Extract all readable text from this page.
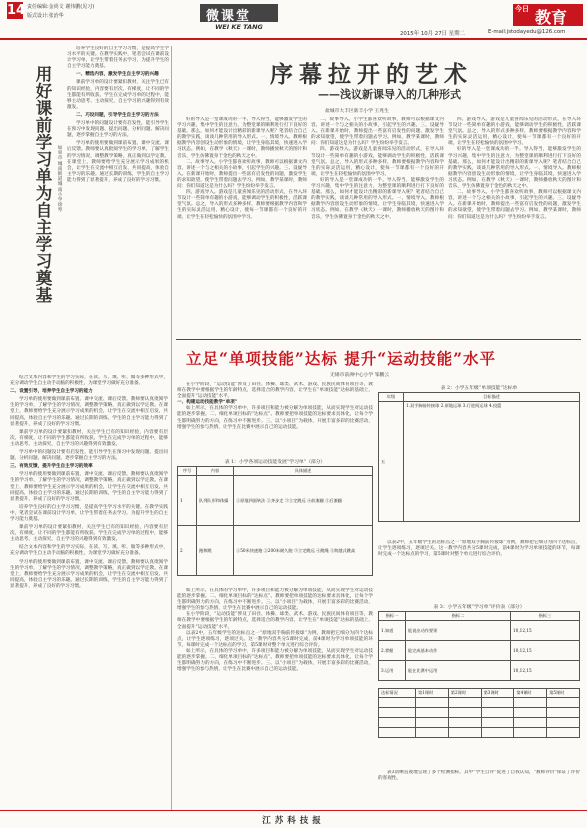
14 责任编辑:金尚文 谢伟鹏(见习)
版式设计:张治华	微课堂
WEI KE TANG
2015年 10月 27日 星期二
今日 教育
E-mail:jstodayedu@126.com
用好课前学习单 为自主学习奠基
如皋市城南街道城南小学 徐琴

培养学生良好的自主学习习惯，是提高学生学习水平的关键。在教学实践中，笔者尝试在课前设计学习单，让学生带着任务去学习，为提升学生的自主学习能力奠基。

一、精选内容，激发学生自主学习的兴趣

课前学习单的设计要紧扣教材，关注学生已有的知识经验，内容要有层次、有梯度，让不同的学生都能有所收获。学生在完成学习单的过程中，能够主动思考、主动探究，自主学习的兴趣得到有效激发。

二、巧设问题，引导学生自主学习的方法

学习单中的问题设计要有启发性，能引导学生在预习中发现问题、提出问题、分析问题、解决问题，逐步掌握自主学习的方法。

学习单的使用要做到课前布置、课中交流、课后反馈。教师要认真批阅学生的学习单，了解学生的学习情况，调整教学策略，真正做到以学定教。在课堂上，教师要给学生充分展示学习成果的机会，让学生在交流中相互启发、共同提高，体验自主学习的乐趣。通过长期的训练，学生的自主学习能力得到了显著提升，养成了良好的学习习惯。

结合文本内容和学生的学习实际，在读、写、填、听、做等多种形式中，充分调动学生自主动手动脑的积极性，为课堂学习做好充分准备。

二、设置引导，培养学生自主学习的能力

学习单的使用要做到课前布置、课中交流、课后反馈。教师要认真批阅学生的学习单，了解学生的学习情况，调整教学策略，真正做到以学定教。在课堂上，教师要给学生充分展示学习成果的机会，让学生在交流中相互启发、共同提高，体验自主学习的乐趣。通过长期的训练，学生的自主学习能力得到了显著提升，养成了良好的学习习惯。

课前学习单的设计要紧扣教材，关注学生已有的知识经验，内容要有层次、有梯度，让不同的学生都能有所收获。学生在完成学习单的过程中，能够主动思考、主动探究，自主学习的兴趣得到有效激发。

学习单中的问题设计要有启发性，能引导学生在预习中发现问题、提出问题、分析问题、解决问题，逐步掌握自主学习的方法。

三、有效反馈，提升学生自主学习的效率

学习单的使用要做到课前布置、课中交流、课后反馈。教师要认真批阅学生的学习单，了解学生的学习情况，调整教学策略，真正做到以学定教。在课堂上，教师要给学生充分展示学习成果的机会，让学生在交流中相互启发、共同提高，体验自主学习的乐趣。通过长期的训练，学生的自主学习能力得到了显著提升，养成了良好的学习习惯。

培养学生良好的自主学习习惯，是提高学生学习水平的关键。在教学实践中，笔者尝试在课前设计学习单，让学生带着任务去学习，为提升学生的自主学习能力奠基。

课前学习单的设计要紧扣教材，关注学生已有的知识经验，内容要有层次、有梯度，让不同的学生都能有所收获。学生在完成学习单的过程中，能够主动思考、主动探究，自主学习的兴趣得到有效激发。

结合文本内容和学生的学习实际，在读、写、填、听、做等多种形式中，充分调动学生自主动手动脑的积极性，为课堂学习做好充分准备。

学习单的使用要做到课前布置、课中交流、课后反馈。教师要认真批阅学生的学习单，了解学生的学习情况，调整教学策略，真正做到以学定教。在课堂上，教师要给学生充分展示学习成果的机会，让学生在交流中相互启发、共同提高，体验自主学习的乐趣。通过长期的训练，学生的自主学习能力得到了显著提升，养成了良好的学习习惯。

序幕拉开的艺术
——浅议新课导入的几种形式
盐城市大丰区新丰小学 王兆生

好的导入是一堂课成功的一半。导入得当，能够激发学生的学习兴趣，集中学生的注意力，为整堂课的顺利进行打下良好的基础。那么，如何才能设计出精彩的新课导入呢？笔者结合自己的教学实践，谈谈几种常用的导入形式。一、情境导入。教师根据教学内容创设生动形象的情境，让学生身临其境，快速进入学习状态。例如，在教学《秋天》一课时，教师播放秋天的图片和音乐，学生仿佛置身于金色的秋天之中。

二、故事导入。小学生都喜欢听故事，教师可以根据课文内容，讲述一个与之相关的小故事，引起学生的兴趣。三、设疑导入。在新课开始时，教师提出一些富有启发性的问题，激发学生的求知欲望，使学生带着问题去学习。例如，教学某课时，教师问：你们知道这是为什么吗？学生纷纷举手发言。

四、游戏导入。游戏是儿童喜闻乐见的活动形式，在导入环节设计一些简单有趣的小游戏，能够调动学生的积极性，活跃课堂气氛。总之，导入的形式多种多样，教师要根据教学内容和学生的实际灵活运用，精心设计，使每一节课都有一个良好的开端，让学生在轻松愉快的氛围中学习。

二、故事导入。小学生都喜欢听故事，教师可以根据课文内容，讲述一个与之相关的小故事，引起学生的兴趣。三、设疑导入。在新课开始时，教师提出一些富有启发性的问题，激发学生的求知欲望，使学生带着问题去学习。例如，教学某课时，教师问：你们知道这是为什么吗？学生纷纷举手发言。

四、游戏导入。游戏是儿童喜闻乐见的活动形式，在导入环节设计一些简单有趣的小游戏，能够调动学生的积极性，活跃课堂气氛。总之，导入的形式多种多样，教师要根据教学内容和学生的实际灵活运用，精心设计，使每一节课都有一个良好的开端，让学生在轻松愉快的氛围中学习。

好的导入是一堂课成功的一半。导入得当，能够激发学生的学习兴趣，集中学生的注意力，为整堂课的顺利进行打下良好的基础。那么，如何才能设计出精彩的新课导入呢？笔者结合自己的教学实践，谈谈几种常用的导入形式。一、情境导入。教师根据教学内容创设生动形象的情境，让学生身临其境，快速进入学习状态。例如，在教学《秋天》一课时，教师播放秋天的图片和音乐，学生仿佛置身于金色的秋天之中。

四、游戏导入。游戏是儿童喜闻乐见的活动形式，在导入环节设计一些简单有趣的小游戏，能够调动学生的积极性，活跃课堂气氛。总之，导入的形式多种多样，教师要根据教学内容和学生的实际灵活运用，精心设计，使每一节课都有一个良好的开端，让学生在轻松愉快的氛围中学习。

好的导入是一堂课成功的一半。导入得当，能够激发学生的学习兴趣，集中学生的注意力，为整堂课的顺利进行打下良好的基础。那么，如何才能设计出精彩的新课导入呢？笔者结合自己的教学实践，谈谈几种常用的导入形式。一、情境导入。教师根据教学内容创设生动形象的情境，让学生身临其境，快速进入学习状态。例如，在教学《秋天》一课时，教师播放秋天的图片和音乐，学生仿佛置身于金色的秋天之中。

二、故事导入。小学生都喜欢听故事，教师可以根据课文内容，讲述一个与之相关的小故事，引起学生的兴趣。三、设疑导入。在新课开始时，教师提出一些富有启发性的问题，激发学生的求知欲望，使学生带着问题去学习。例如，教学某课时，教师问：你们知道这是为什么吗？学生纷纷举手发言。

立足“单项技能”达标 提升“运动技能”水平
无锡市前洲中心小学 邹鹏云

在小学阶段，“运动技能”涉及了田径、体操、球类、武术、游戏、民族民间体育项目等，教师在教学中要根据学生的年龄特点，选择适合的教学内容，让学生在“单项技能”达标的基础上，全面提升“运动技能”水平。

一、构建运动技能教学“单项”

如上所示，在具体的学习单中，许多项目和能力被分解为单项技能，从而实现学生对运动技能的逐步掌握。二、细化单项目标的“达标点”。教师要把单项技能的达标要求具体化，让每个学生都明确努力的方向，在练习中不断进步。三、以“小项目”为载体，开展丰富多彩的比赛活动，增强学生的参与热情，让学生在比赛中展示自己的运动技能。

表 1：小学各项运动技能发展“学习单”（部分）
序号	内容	具体描述
1	队列队形和体操	①原地四面转法 ②齐步走 ③立定跳远 ④前滚翻 ⑤后滚翻
2	跑和跳	①50米快速跑 ②200米耐久跑 ③立定跳远 ④跳绳 ⑤跨越式跳高

如上所示，在具体的学习单中，许多项目和能力被分解为单项技能，从而实现学生对运动技能的逐步掌握。二、细化单项目标的“达标点”。教师要把单项技能的达标要求具体化，让每个学生都明确努力的方向，在练习中不断进步。三、以“小项目”为载体，开展丰富多彩的比赛活动，增强学生的参与热情，让学生在比赛中展示自己的运动技能。

在小学阶段，“运动技能”涉及了田径、体操、球类、武术、游戏、民族民间体育项目等，教师在教学中要根据学生的年龄特点，选择适合的教学内容，让学生在“单项技能”达标的基础上，全面提升“运动技能”水平。

以表2中，五年级学生的达标点之一“原地双手胸前传接球”为例，教师把它细分为四个达标点，让学生逐项练习，逐项过关。这一教学内容共分5课时完成，前4课时为学习单项技能的环节，每课时完成一个达标点的学习，第5课时对整个单元进行综合评价。

如上所示，在具体的学习单中，许多项目和能力被分解为单项技能，从而实现学生对运动技能的逐步掌握。二、细化单项目标的“达标点”。教师要把单项技能的达标要求具体化，让每个学生都明确努力的方向，在练习中不断进步。三、以“小项目”为载体，开展丰富多彩的比赛活动，增强学生的参与热情，让学生在比赛中展示自己的运动技能。

表 2：小学五年级“单项技能”达标单
年级	目标描述
五	1.双手胸前传接球 2.原地运球 3.行进间运球 4.投篮

以表2中，五年级学生的达标点之一“原地双手胸前传接球”为例，教师把它细分为四个达标点，让学生逐项练习，逐项过关。这一教学内容共分5课时完成，前4课时为学习单项技能的环节，每课时完成一个达标点的学习，第5课时对整个单元进行综合评价。

表 3：小学五年级“学习单”评价表（部分）
指标一	指标二	指标三
1.知道	能说出动作要领	10,12,15
2.掌握	能完成基本动作	10,12,15
3.运用	能在比赛中运用	10,12,15
达标情况	第1课时	第2课时	第3课时	第4课时	第5课时

表3清晰直观地呈现了多个检测指标，其中“学生自评”促进了自我认知，“教师评价”保证了评价的客观性。

江苏科技报
